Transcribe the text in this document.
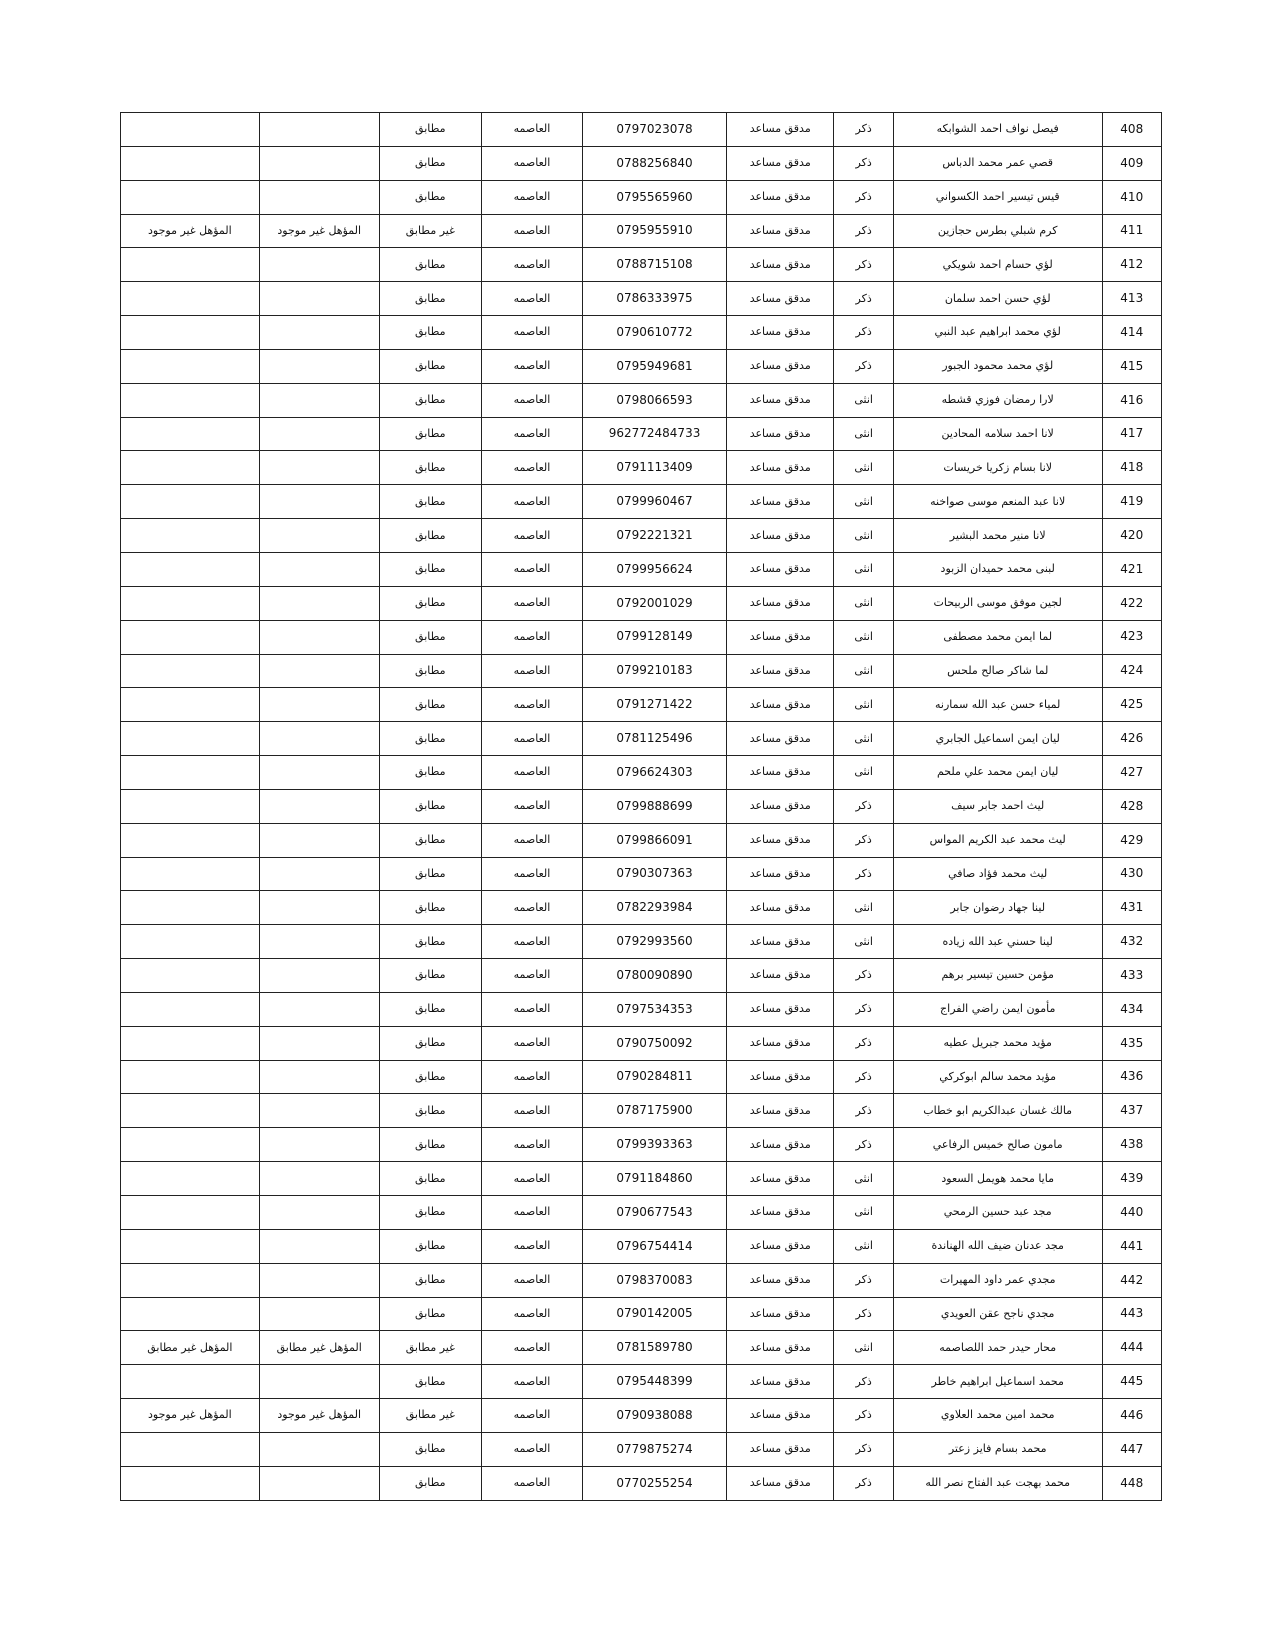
		مطابق	العاصمه	0797023078	مدقق مساعد	ذكر	فيصل نواف احمد الشوابكه	408
		مطابق	العاصمه	0788256840	مدقق مساعد	ذكر	قصي عمر محمد الدباس	409
		مطابق	العاصمه	0795565960	مدقق مساعد	ذكر	قيس تيسير احمد الكسواني	410
المؤهل غير موجود	المؤهل غير موجود	غير مطابق	العاصمه	0795955910	مدقق مساعد	ذكر	كرم شبلي بطرس حجازين	411
		مطابق	العاصمه	0788715108	مدقق مساعد	ذكر	لؤي حسام احمد شويكي	412
		مطابق	العاصمه	0786333975	مدقق مساعد	ذكر	لؤي حسن احمد سلمان	413
		مطابق	العاصمه	0790610772	مدقق مساعد	ذكر	لؤي محمد ابراهيم عبد النبي	414
		مطابق	العاصمه	0795949681	مدقق مساعد	ذكر	لؤي محمد محمود الجبور	415
		مطابق	العاصمه	0798066593	مدقق مساعد	انثى	لارا رمضان فوزي قشطه	416
		مطابق	العاصمه	962772484733	مدقق مساعد	انثى	لانا احمد سلامه المحادين	417
		مطابق	العاصمه	0791113409	مدقق مساعد	انثى	لانا بسام زكريا خريسات	418
		مطابق	العاصمه	0799960467	مدقق مساعد	انثى	لانا عبد المنعم موسى صواخنه	419
		مطابق	العاصمه	0792221321	مدقق مساعد	انثى	لانا منير محمد البشير	420
		مطابق	العاصمه	0799956624	مدقق مساعد	انثى	لبنى محمد حميدان الزبود	421
		مطابق	العاصمه	0792001029	مدقق مساعد	انثى	لجين موفق موسى الربيحات	422
		مطابق	العاصمه	0799128149	مدقق مساعد	انثى	لما ايمن محمد مصطفى	423
		مطابق	العاصمه	0799210183	مدقق مساعد	انثى	لما شاكر صالح ملحس	424
		مطابق	العاصمه	0791271422	مدقق مساعد	انثى	لمياء حسن عبد الله سمارنه	425
		مطابق	العاصمه	0781125496	مدقق مساعد	انثى	ليان ايمن اسماعيل الجابري	426
		مطابق	العاصمه	0796624303	مدقق مساعد	انثى	ليان ايمن محمد علي ملحم	427
		مطابق	العاصمه	0799888699	مدقق مساعد	ذكر	ليث احمد جابر سيف	428
		مطابق	العاصمه	0799866091	مدقق مساعد	ذكر	ليث محمد عبد الكريم المواس	429
		مطابق	العاصمه	0790307363	مدقق مساعد	ذكر	ليث محمد فؤاد صافي	430
		مطابق	العاصمه	0782293984	مدقق مساعد	انثى	لينا جهاد رضوان جابر	431
		مطابق	العاصمه	0792993560	مدقق مساعد	انثى	لينا حسني عبد الله زياده	432
		مطابق	العاصمه	0780090890	مدقق مساعد	ذكر	مؤمن حسين تيسير برهم	433
		مطابق	العاصمه	0797534353	مدقق مساعد	ذكر	مأمون ايمن راضي الفراج	434
		مطابق	العاصمه	0790750092	مدقق مساعد	ذكر	مؤيد محمد جبريل عطيه	435
		مطابق	العاصمه	0790284811	مدقق مساعد	ذكر	مؤيد محمد سالم ابوكركي	436
		مطابق	العاصمه	0787175900	مدقق مساعد	ذكر	مالك غسان عبدالكريم ابو خطاب	437
		مطابق	العاصمه	0799393363	مدقق مساعد	ذكر	مامون صالح خميس الرفاعي	438
		مطابق	العاصمه	0791184860	مدقق مساعد	انثى	مايا محمد هويمل السعود	439
		مطابق	العاصمه	0790677543	مدقق مساعد	انثى	مجد عبد حسين الرمحي	440
		مطابق	العاصمه	0796754414	مدقق مساعد	انثى	مجد عدنان ضيف الله الهناندة	441
		مطابق	العاصمه	0798370083	مدقق مساعد	ذكر	مجدي عمر داود المهيرات	442
		مطابق	العاصمه	0790142005	مدقق مساعد	ذكر	مجدي ناجح عقن العويدي	443
المؤهل غير مطابق	المؤهل غير مطابق	غير مطابق	العاصمه	0781589780	مدقق مساعد	انثى	محار حيدر حمد اللصاصمه	444
		مطابق	العاصمه	0795448399	مدقق مساعد	ذكر	محمد اسماعيل ابراهيم خاطر	445
المؤهل غير موجود	المؤهل غير موجود	غير مطابق	العاصمه	0790938088	مدقق مساعد	ذكر	محمد امين محمد العلاوي	446
		مطابق	العاصمه	0779875274	مدقق مساعد	ذكر	محمد بسام فايز زعتر	447
		مطابق	العاصمه	0770255254	مدقق مساعد	ذكر	محمد بهجت عبد الفتاح نصر الله	448
